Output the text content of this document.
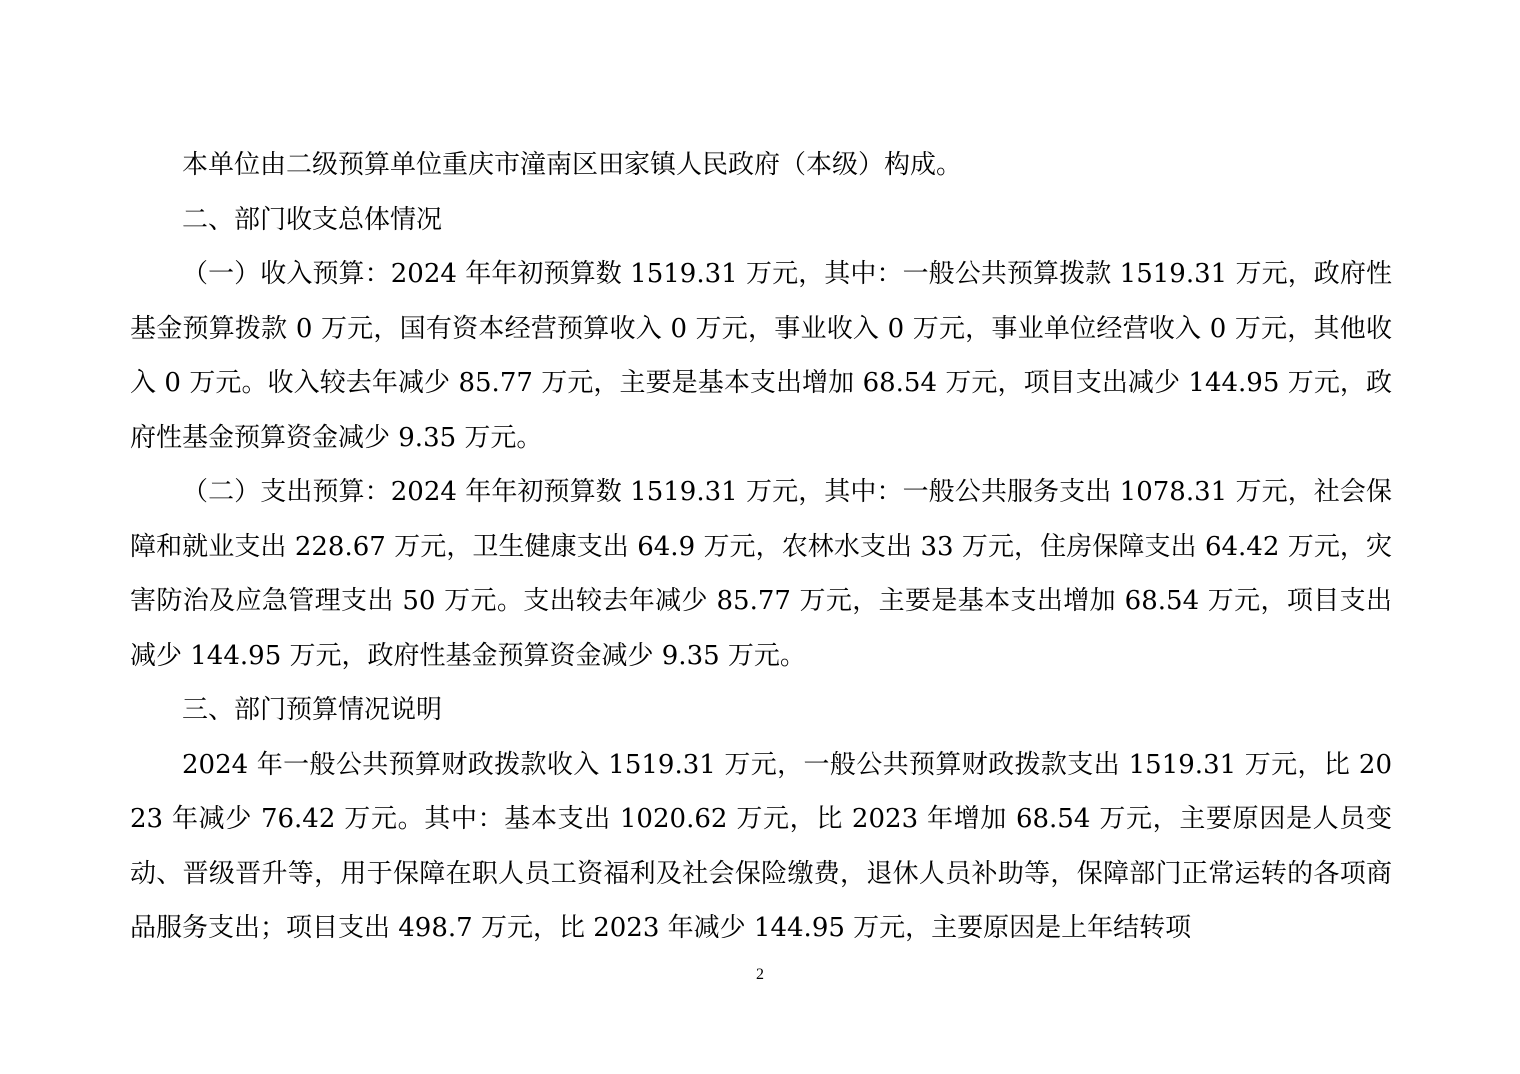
本单位由二级预算单位重庆市潼南区田家镇人民政府（本级）构成。

二、部门收支总体情况

（一）收入预算：2024 年年初预算数 1519.31 万元，其中：一般公共预算拨款 1519.31 万元，政府性基金预算拨款 0 万元，国有资本经营预算收入 0 万元，事业收入 0 万元，事业单位经营收入 0 万元，其他收入 0 万元。收入较去年减少 85.77 万元，主要是基本支出增加 68.54 万元，项目支出减少 144.95 万元，政府性基金预算资金减少 9.35 万元。

（二）支出预算：2024 年年初预算数 1519.31 万元，其中：一般公共服务支出 1078.31 万元，社会保障和就业支出 228.67 万元，卫生健康支出 64.9 万元，农林水支出 33 万元，住房保障支出 64.42 万元，灾害防治及应急管理支出 50 万元。支出较去年减少 85.77 万元，主要是基本支出增加 68.54 万元，项目支出减少 144.95 万元，政府性基金预算资金减少 9.35 万元。

三、部门预算情况说明

2024 年一般公共预算财政拨款收入 1519.31 万元，一般公共预算财政拨款支出 1519.31 万元，比 2023 年减少 76.42 万元。其中：基本支出 1020.62 万元，比 2023 年增加 68.54 万元，主要原因是人员变动、晋级晋升等，用于保障在职人员工资福利及社会保险缴费，退休人员补助等，保障部门正常运转的各项商品服务支出；项目支出 498.7 万元，比 2023 年减少 144.95 万元，主要原因是上年结转项

2
